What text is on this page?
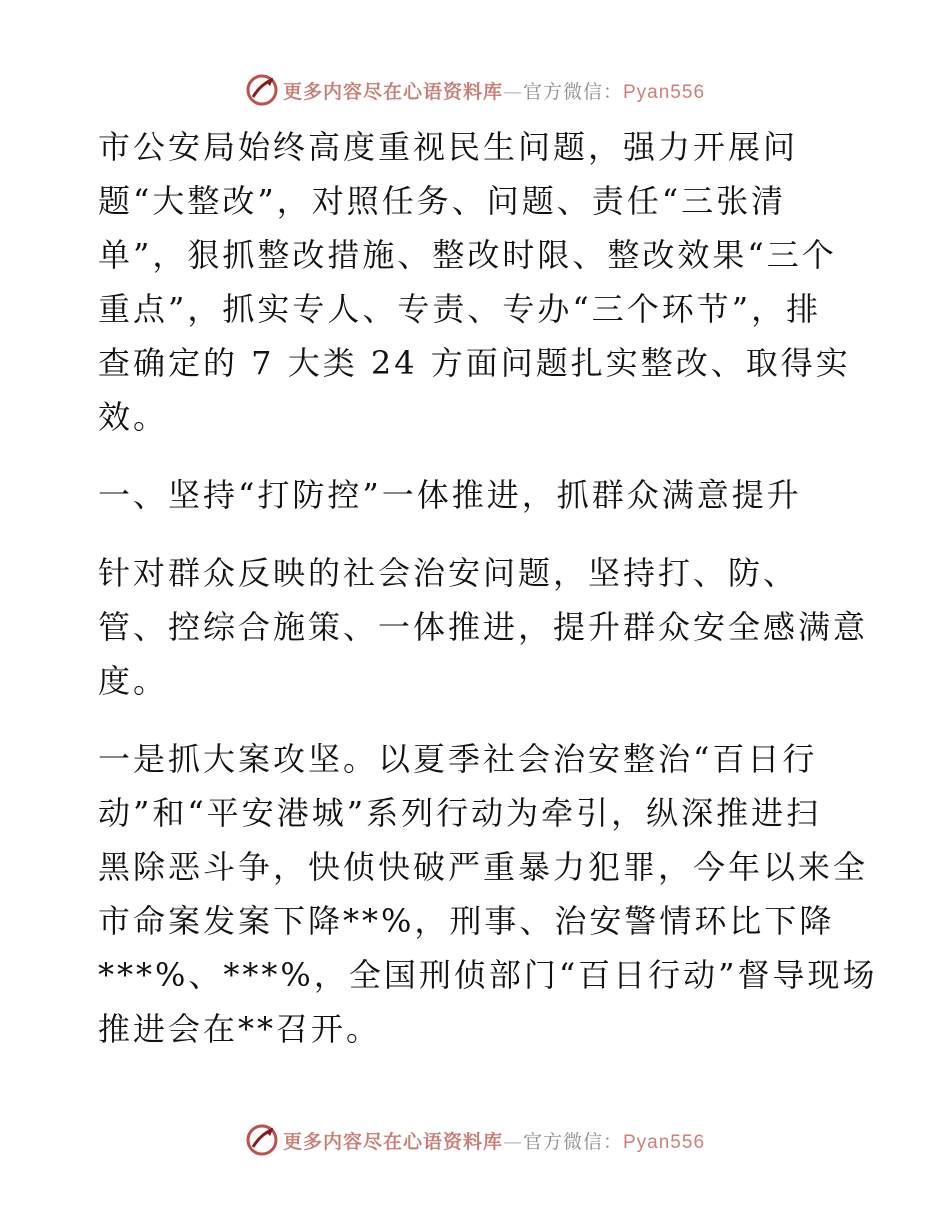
更多内容尽在心语资料库—官方微信：Pyan556
市公安局始终高度重视民生问题，强力开展问
题“大整改”，对照任务、问题、责任“三张清
单”，狠抓整改措施、整改时限、整改效果“三个
重点”，抓实专人、专责、专办“三个环节”，排
查确定的 7 大类 24 方面问题扎实整改、取得实
效。
一、坚持“打防控”一体推进，抓群众满意提升
针对群众反映的社会治安问题，坚持打、防、
管、控综合施策、一体推进，提升群众安全感满意
度。
一是抓大案攻坚。以夏季社会治安整治“百日行
动”和“平安港城”系列行动为牵引，纵深推进扫
黑除恶斗争，快侦快破严重暴力犯罪，今年以来全
市命案发案下降**%，刑事、治安警情环比下降
***%、***%，全国刑侦部门“百日行动”督导现场
推进会在**召开。
更多内容尽在心语资料库—官方微信：Pyan556
